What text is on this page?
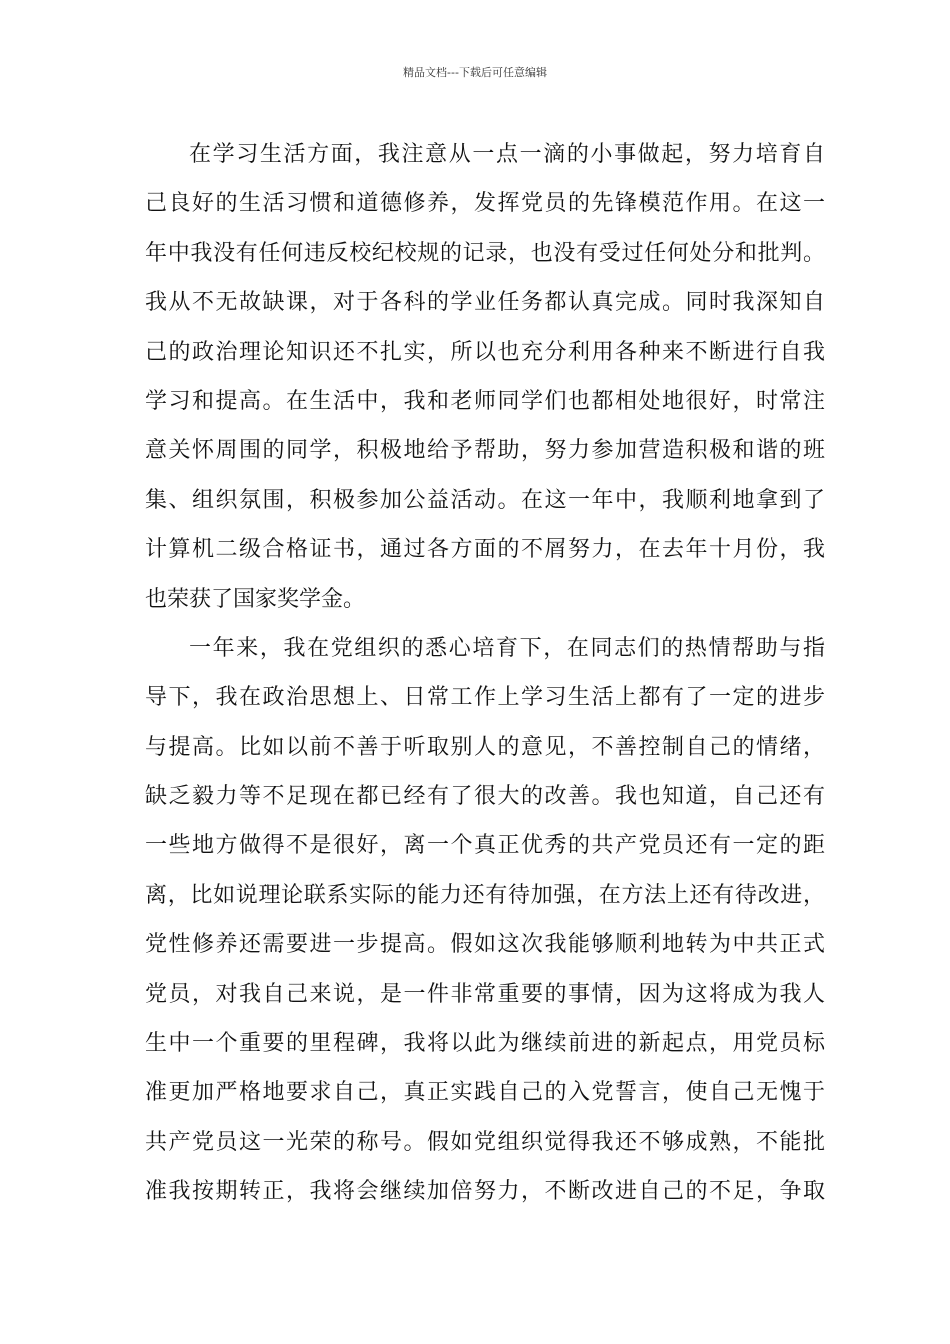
精品文档---下载后可任意编辑
在学习生活方面，我注意从一点一滴的小事做起，努力培育自
己良好的生活习惯和道德修养，发挥党员的先锋模范作用。在这一
年中我没有任何违反校纪校规的记录，也没有受过任何处分和批判。
我从不无故缺课，对于各科的学业任务都认真完成。同时我深知自
己的政治理论知识还不扎实，所以也充分利用各种来不断进行自我
学习和提高。在生活中，我和老师同学们也都相处地很好，时常注
意关怀周围的同学，积极地给予帮助，努力参加营造积极和谐的班
集、组织氛围，积极参加公益活动。在这一年中，我顺利地拿到了
计算机二级合格证书，通过各方面的不屑努力，在去年十月份，我
也荣获了国家奖学金。
一年来，我在党组织的悉心培育下，在同志们的热情帮助与指
导下，我在政治思想上、日常工作上学习生活上都有了一定的进步
与提高。比如以前不善于听取别人的意见，不善控制自己的情绪，
缺乏毅力等不足现在都已经有了很大的改善。我也知道，自己还有
一些地方做得不是很好，离一个真正优秀的共产党员还有一定的距
离，比如说理论联系实际的能力还有待加强，在方法上还有待改进，
党性修养还需要进一步提高。假如这次我能够顺利地转为中共正式
党员，对我自己来说，是一件非常重要的事情，因为这将成为我人
生中一个重要的里程碑，我将以此为继续前进的新起点，用党员标
准更加严格地要求自己，真正实践自己的入党誓言，使自己无愧于
共产党员这一光荣的称号。假如党组织觉得我还不够成熟，不能批
准我按期转正，我将会继续加倍努力，不断改进自己的不足，争取
